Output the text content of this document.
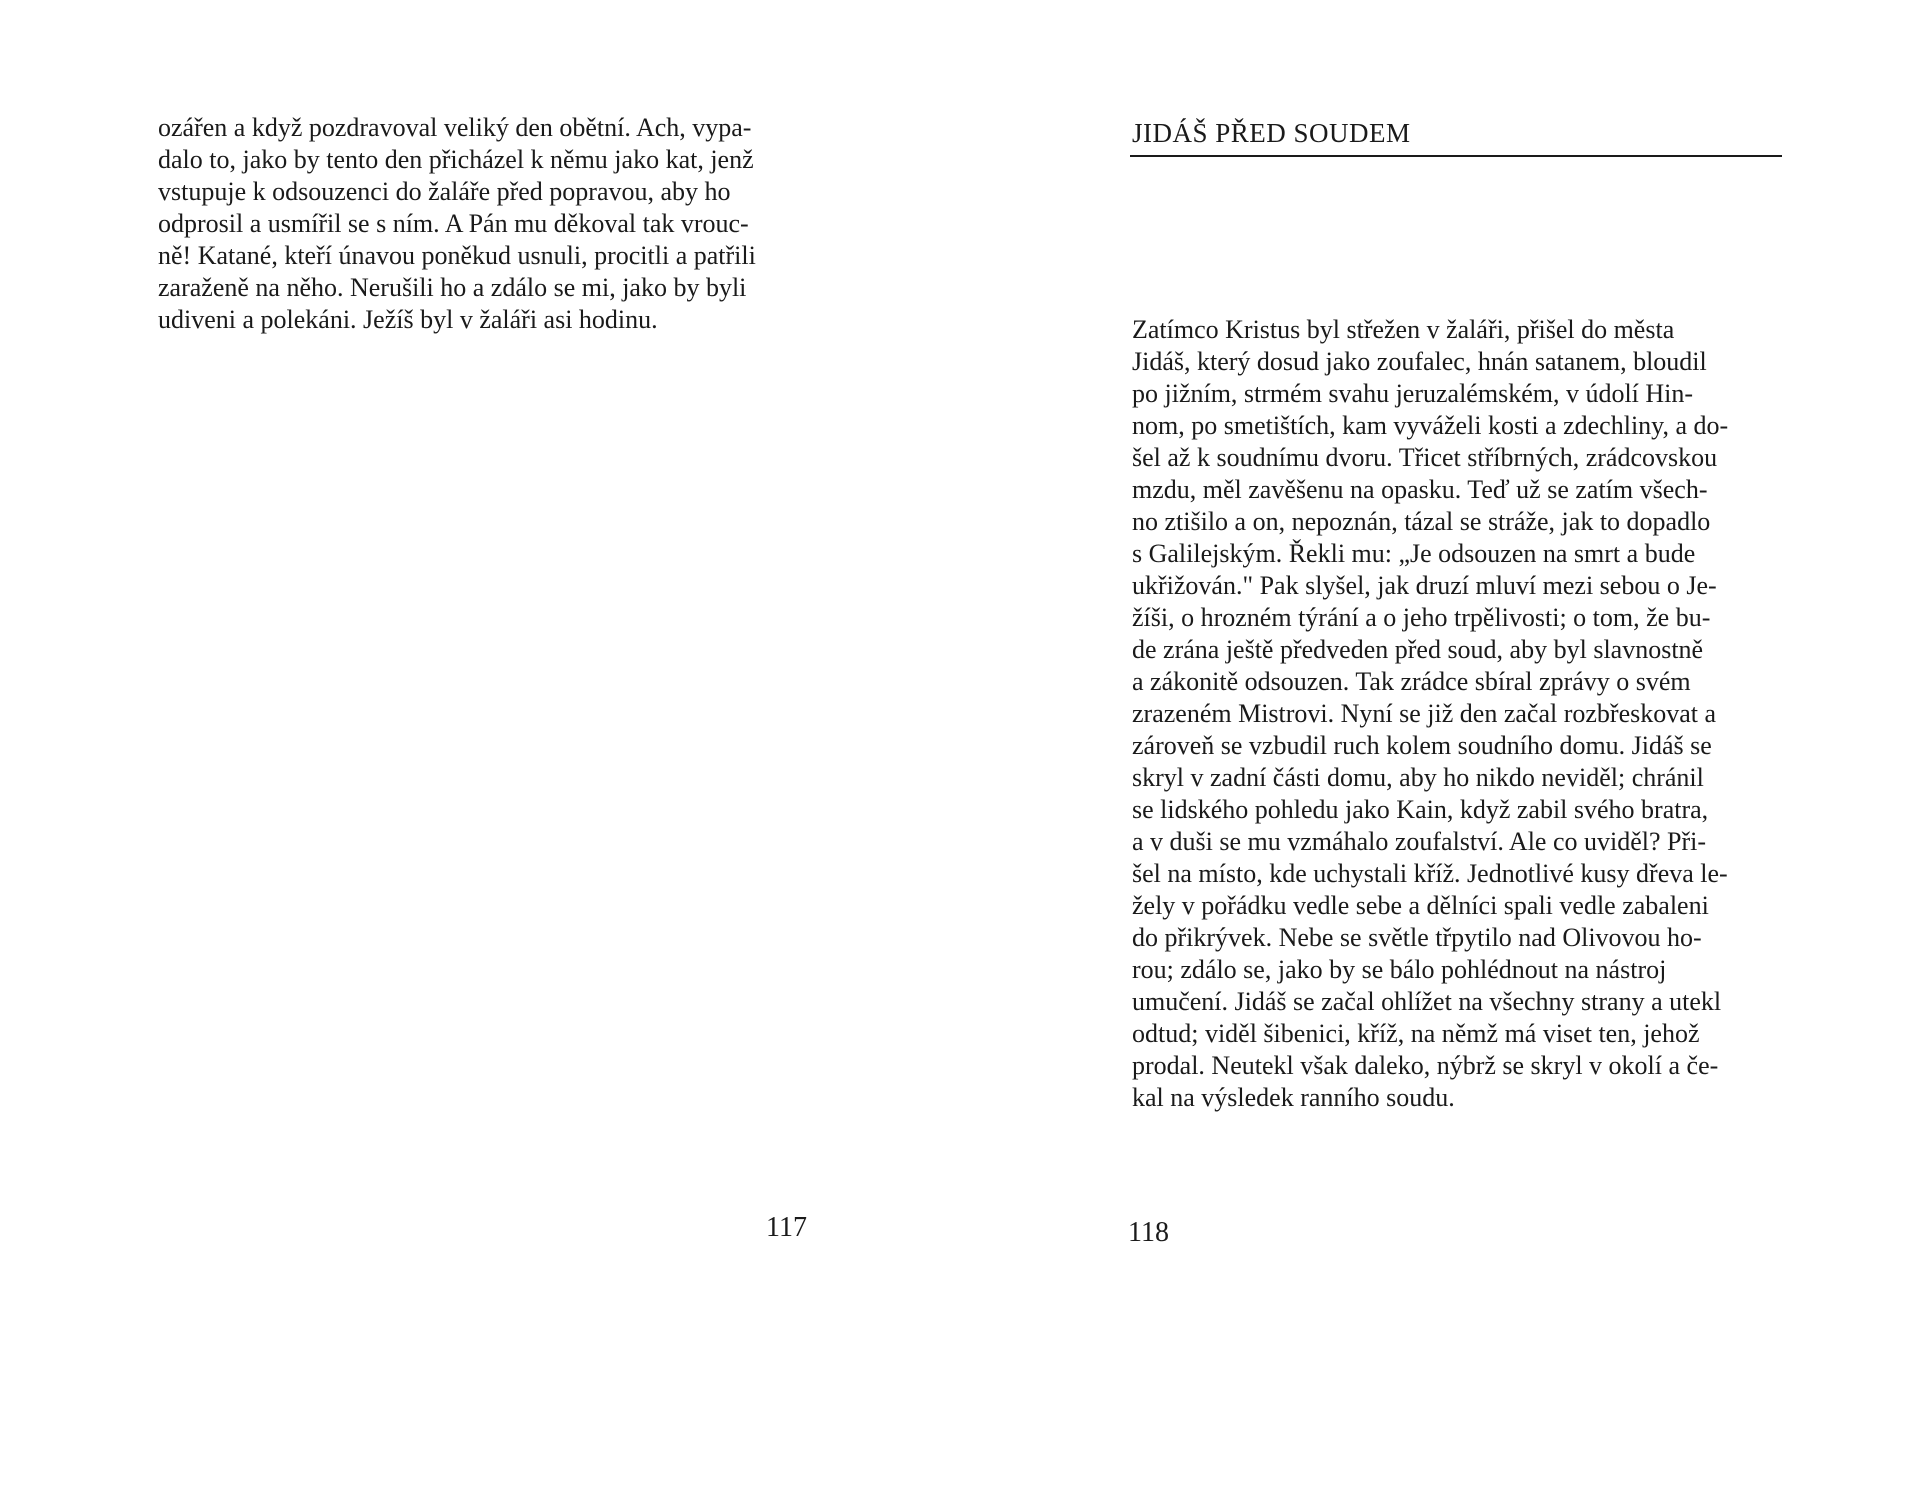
ozářen a když pozdravoval veliký den obětní. Ach, vypa-
dalo to, jako by tento den přicházel k němu jako kat, jenž
vstupuje k odsouzenci do žaláře před popravou, aby ho
odprosil a usmířil se s ním. A Pán mu děkoval tak vrouc-
ně! Katané, kteří únavou poněkud usnuli, procitli a patřili
zaraženě na něho. Nerušili ho a zdálo se mi, jako by byli
udiveni a polekáni. Ježíš byl v žaláři asi hodinu.
117
JIDÁŠ PŘED SOUDEM
Zatímco Kristus byl střežen v žaláři, přišel do města
Jidáš, který dosud jako zoufalec, hnán satanem, bloudil
po jižním, strmém svahu jeruzalémském, v údolí Hin-
nom, po smetištích, kam vyváželi kosti a zdechliny, a do-
šel až k soudnímu dvoru. Třicet stříbrných, zrádcovskou
mzdu, měl zavěšenu na opasku. Teď už se zatím všech-
no ztišilo a on, nepoznán, tázal se stráže, jak to dopadlo
s Galilejským. Řekli mu: „Je odsouzen na smrt a bude
ukřižován." Pak slyšel, jak druzí mluví mezi sebou o Je-
žíši, o hrozném týrání a o jeho trpělivosti; o tom, že bu-
de zrána ještě předveden před soud, aby byl slavnostně
a zákonitě odsouzen. Tak zrádce sbíral zprávy o svém
zrazeném Mistrovi. Nyní se již den začal rozbřeskovat a
zároveň se vzbudil ruch kolem soudního domu. Jidáš se
skryl v zadní části domu, aby ho nikdo neviděl; chránil
se lidského pohledu jako Kain, když zabil svého bratra,
a v duši se mu vzmáhalo zoufalství. Ale co uviděl? Při-
šel na místo, kde uchystali kříž. Jednotlivé kusy dřeva le-
žely v pořádku vedle sebe a dělníci spali vedle zabaleni
do přikrývek. Nebe se světle třpytilo nad Olivovou ho-
rou; zdálo se, jako by se bálo pohlédnout na nástroj
umučení. Jidáš se začal ohlížet na všechny strany a utekl
odtud; viděl šibenici, kříž, na němž má viset ten, jehož
prodal. Neutekl však daleko, nýbrž se skryl v okolí a če-
kal na výsledek ranního soudu.
118
